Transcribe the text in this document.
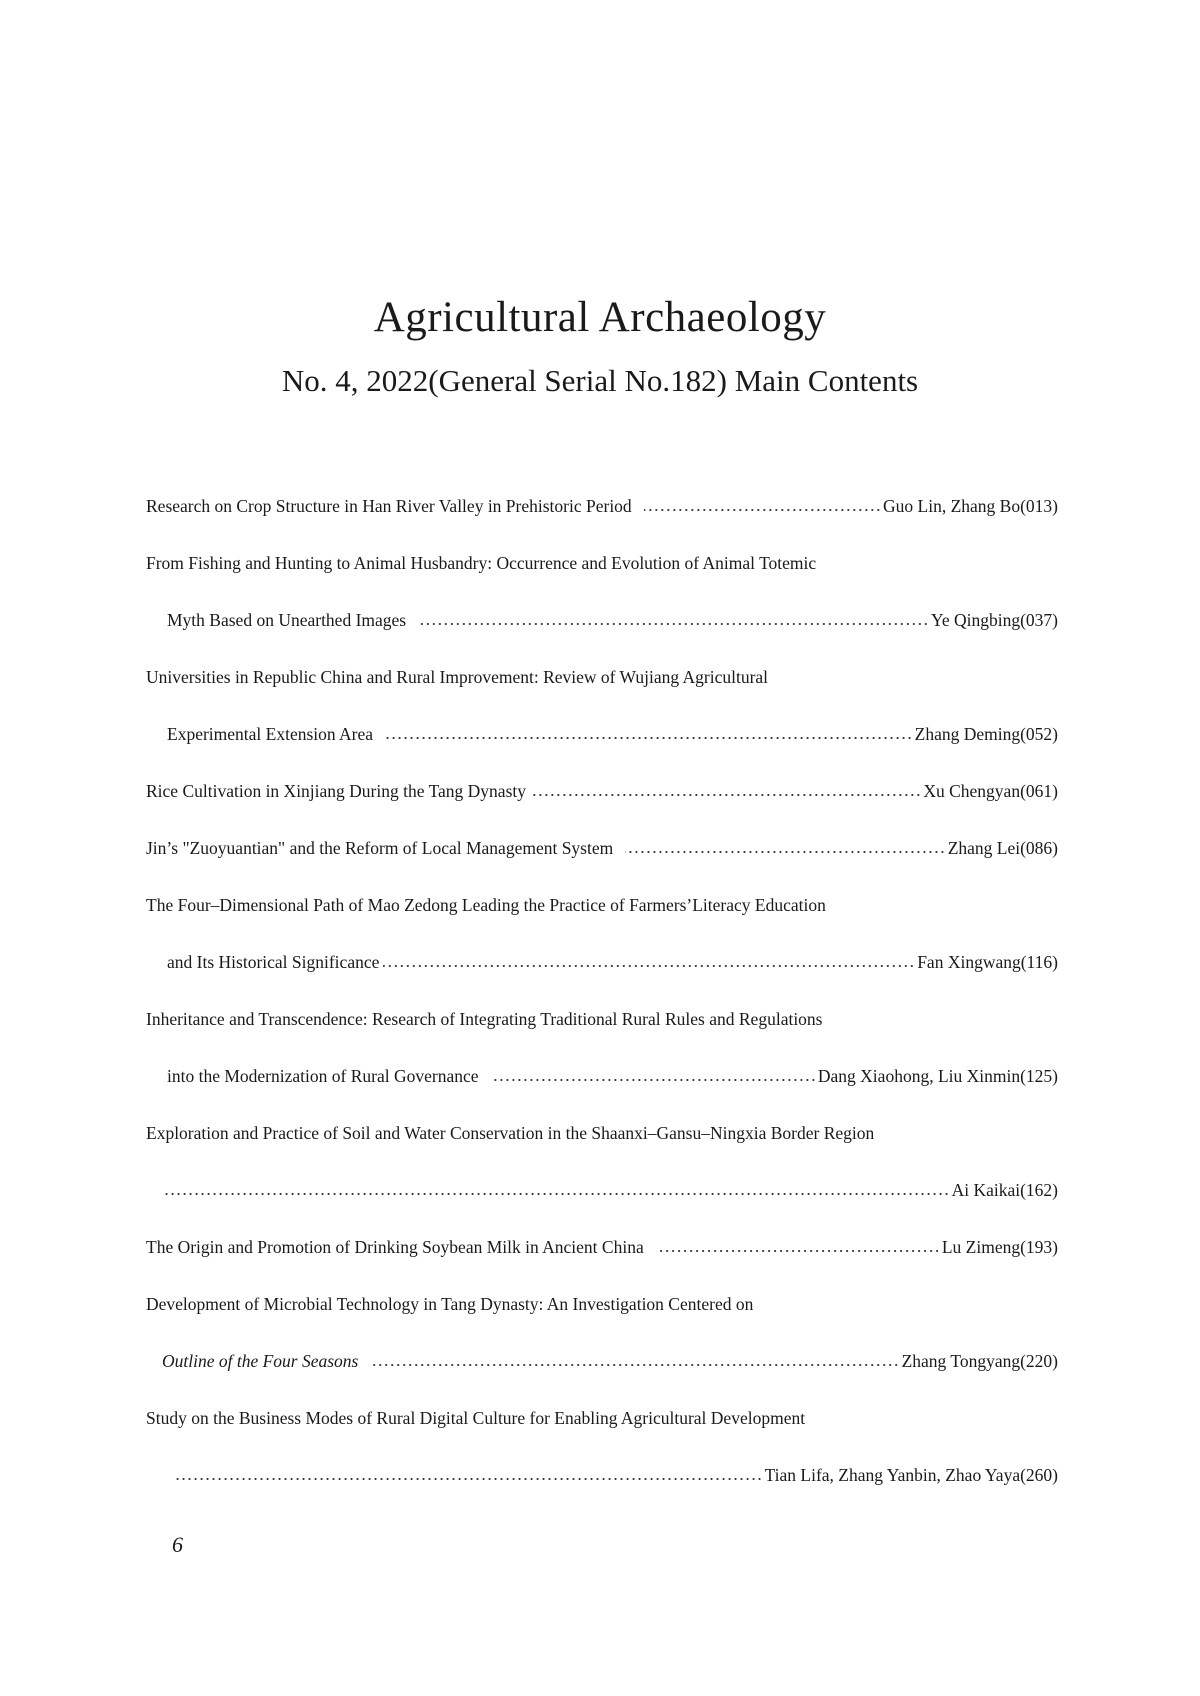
Agricultural Archaeology
No. 4, 2022(General Serial No.182) Main Contents
Research on Crop Structure in Han River Valley in Prehistoric Period	Guo Lin, Zhang Bo(013)
From Fishing and Hunting to Animal Husbandry: Occurrence and Evolution of Animal Totemic
Myth Based on Unearthed Images	Ye Qingbing(037)
Universities in Republic China and Rural Improvement: Review of Wujiang Agricultural
Experimental Extension Area	Zhang Deming(052)
Rice Cultivation in Xinjiang During the Tang Dynasty	Xu Chengyan(061)
Jin’s "Zuoyuantian" and the Reform of Local Management System	Zhang Lei(086)
The Four–Dimensional Path of Mao Zedong Leading the Practice of Farmers’Literacy Education
and Its Historical Significance	Fan Xingwang(116)
Inheritance and Transcendence: Research of Integrating Traditional Rural Rules and Regulations
into the Modernization of Rural Governance	Dang Xiaohong, Liu Xinmin(125)
Exploration and Practice of Soil and Water Conservation in the Shaanxi–Gansu–Ningxia Border Region
Ai Kaikai(162)
The Origin and Promotion of Drinking Soybean Milk in Ancient China	Lu Zimeng(193)
Development of Microbial Technology in Tang Dynasty: An Investigation Centered on
Outline of the Four Seasons	Zhang Tongyang(220)
Study on the Business Modes of Rural Digital Culture for Enabling Agricultural Development
Tian Lifa, Zhang Yanbin, Zhao Yaya(260)
6
